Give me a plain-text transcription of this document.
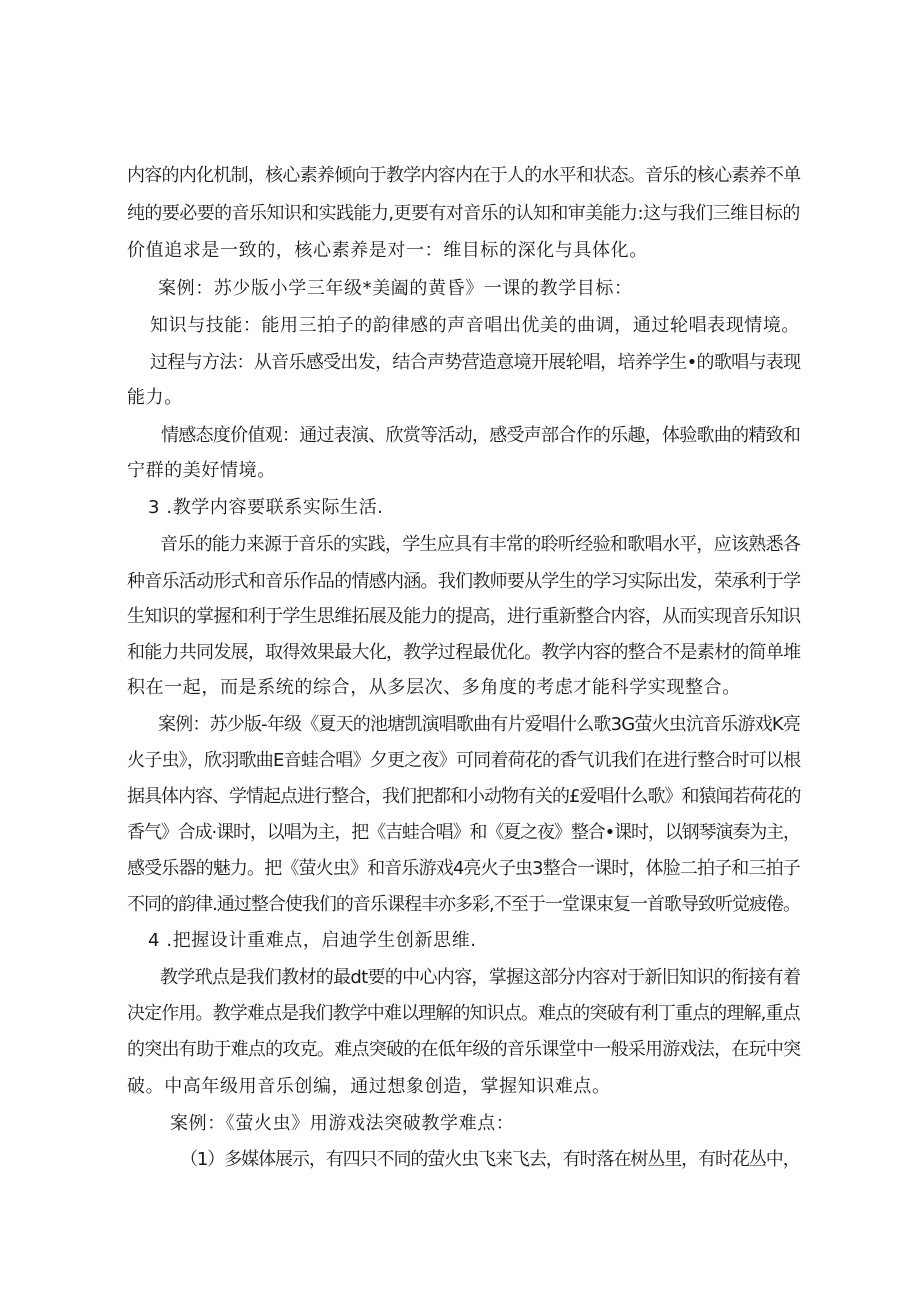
内容的内化机制，核心素养倾向于教学内容内在于人的水平和状态。音乐的核心素养不单
纯的要必要的音乐知识和实践能力,更要有对音乐的认知和审美能力:这与我们三维目标的
价值追求是一致的，核心素养是对一：维目标的深化与具体化。
案例：苏少版小学三年级*美阖的黄昏》一课的教学目标：
知识与技能：能用三拍子的韵律感的声音唱出优美的曲调，通过轮唱表现情境。
过程与方法：从音乐感受出发，结合声势营造意境开展轮唱，培养学生•的歌唱与表现
能力。
情感态度价值观：通过表演、欣赏等活动，感受声部合作的乐趣，体验歌曲的精致和
宁群的美好情境。
3 .教学内容要联系实际生活.
音乐的能力来源于音乐的实践，学生应具有丰常的聆听经验和歌唱水平，应该熟悉各
种音乐活动形式和音乐作品的情感内涵。我们教师要从学生的学习实际出发，荣承利于学
生知识的掌握和利于学生思维拓展及能力的提高，进行重新整合内容，从而实现音乐知识
和能力共同发展，取得效果最大化，教学过程最优化。教学内容的整合不是素材的简单堆
积在一起，而是系统的综合，从多层次、多角度的考虑才能科学实现整合。
案例：苏少版-年级《夏天的池塘凯演唱歌曲有片爱唱什么歌3G萤火虫沆音乐游戏K亮
火子虫》，欣羽歌曲E音蛙合唱》夕更之夜》可同着荷花的香气讥我们在进行整合时可以根
据具体内容、学情起点进行整合，我们把都和小动物有关的£爱唱什么歌》和猿闻若荷花的
香气》合成·课时，以唱为主，把《吉蛙合唱》和《夏之夜》整合•课时，以钢琴演奏为主，
感受乐器的魅力。把《萤火虫》和音乐游戏4亮火子虫3整合一课时，体脸二拍子和三拍子
不同的韵律.通过整合使我们的音乐课程丰亦多彩,不至于一堂课束复一首歌导致听觉疲倦。
4 .把握设计重难点，启迪学生创新思维.
教学玳点是我们教材的最dt要的中心内容，掌握这部分内容对于新旧知识的衔接有着
决定作用。教学难点是我们教学中难以理解的知识点。难点的突破有利丁重点的理解,重点
的突出有助于难点的攻克。难点突破的在低年级的音乐课堂中一般采用游戏法，在玩中突
破。中高年级用音乐创编，通过想象创造，掌握知识难点。
案例：《萤火虫》用游戏法突破教学难点：
（1）多媒体展示，有四只不同的萤火虫飞来飞去，有时落在树丛里，有时花丛中，
